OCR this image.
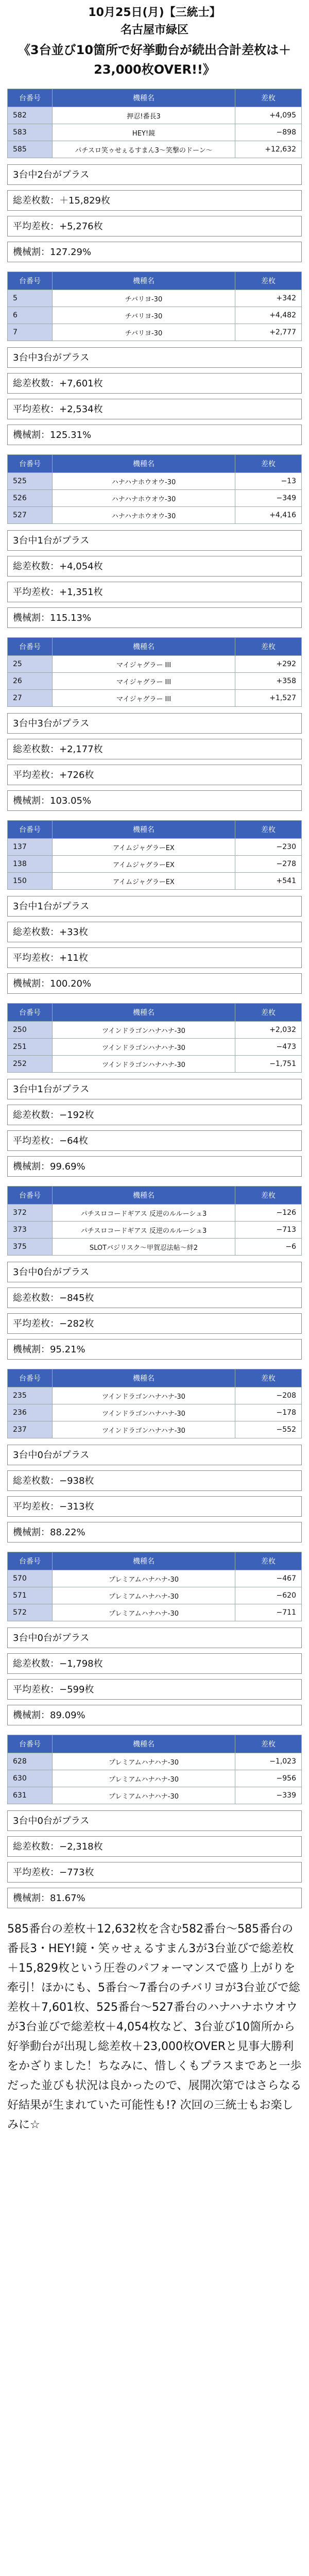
10月25日(月)【三統士】
名古屋市緑区
《3台並び10箇所で好挙動台が続出合計差枚は＋23,000枚OVER!!》
台番号	機種名	差枚
582	押忍!番長3	+4,095
583	HEY!鏡	−898
585	パチスロ笑ゥせぇるすまん3～笑撃のドーン～	+12,632
3台中2台がプラス
総差枚数：＋15,829枚
平均差枚：+5,276枚
機械割：127.29%
台番号	機種名	差枚
5	チバリヨ-30	+342
6	チバリヨ-30	+4,482
7	チバリヨ-30	+2,777
3台中3台がプラス
総差枚数：+7,601枚
平均差枚：+2,534枚
機械割：125.31%
台番号	機種名	差枚
525	ハナハナホウオウ-30	−13
526	ハナハナホウオウ-30	−349
527	ハナハナホウオウ-30	+4,416
3台中1台がプラス
総差枚数：+4,054枚
平均差枚：+1,351枚
機械割：115.13%
台番号	機種名	差枚
25	マイジャグラー III	+292
26	マイジャグラー III	+358
27	マイジャグラー III	+1,527
3台中3台がプラス
総差枚数：+2,177枚
平均差枚：+726枚
機械割：103.05%
台番号	機種名	差枚
137	アイムジャグラーEX	−230
138	アイムジャグラーEX	−278
150	アイムジャグラーEX	+541
3台中1台がプラス
総差枚数：+33枚
平均差枚：+11枚
機械割：100.20%
台番号	機種名	差枚
250	ツインドラゴンハナハナ-30	+2,032
251	ツインドラゴンハナハナ-30	−473
252	ツインドラゴンハナハナ-30	−1,751
3台中1台がプラス
総差枚数：−192枚
平均差枚：−64枚
機械割：99.69%
台番号	機種名	差枚
372	パチスロコードギアス 反逆のルルーシュ3	−126
373	パチスロコードギアス 反逆のルルーシュ3	−713
375	SLOTバジリスク～甲賀忍法帖～絆2	−6
3台中0台がプラス
総差枚数：−845枚
平均差枚：−282枚
機械割：95.21%
台番号	機種名	差枚
235	ツインドラゴンハナハナ-30	−208
236	ツインドラゴンハナハナ-30	−178
237	ツインドラゴンハナハナ-30	−552
3台中0台がプラス
総差枚数：−938枚
平均差枚：−313枚
機械割：88.22%
台番号	機種名	差枚
570	プレミアムハナハナ-30	−467
571	プレミアムハナハナ-30	−620
572	プレミアムハナハナ-30	−711
3台中0台がプラス
総差枚数：−1,798枚
平均差枚：−599枚
機械割：89.09%
台番号	機種名	差枚
628	プレミアムハナハナ-30	−1,023
630	プレミアムハナハナ-30	−956
631	プレミアムハナハナ-30	−339
3台中0台がプラス
総差枚数：−2,318枚
平均差枚：−773枚
機械割：81.67%
585番台の差枚＋12,632枚を含む582番台～585番台の番長3・HEY!鏡・笑ゥせぇるすまん3が3台並びで総差枚＋15,829枚という圧巻のパフォーマンスで盛り上がりを牽引！ほかにも、5番台～7番台のチバリヨが3台並びで総差枚＋7,601枚、525番台～527番台のハナハナホウオウが3台並びで総差枚＋4,054枚など、3台並び10箇所から好挙動台が出現し総差枚＋23,000枚OVERと見事大勝利をかざりました！ちなみに、惜しくもプラスまであと一歩だった並びも状況は良かったので、展開次第ではさらなる好結果が生まれていた可能性も!? 次回の三統士もお楽しみに☆
